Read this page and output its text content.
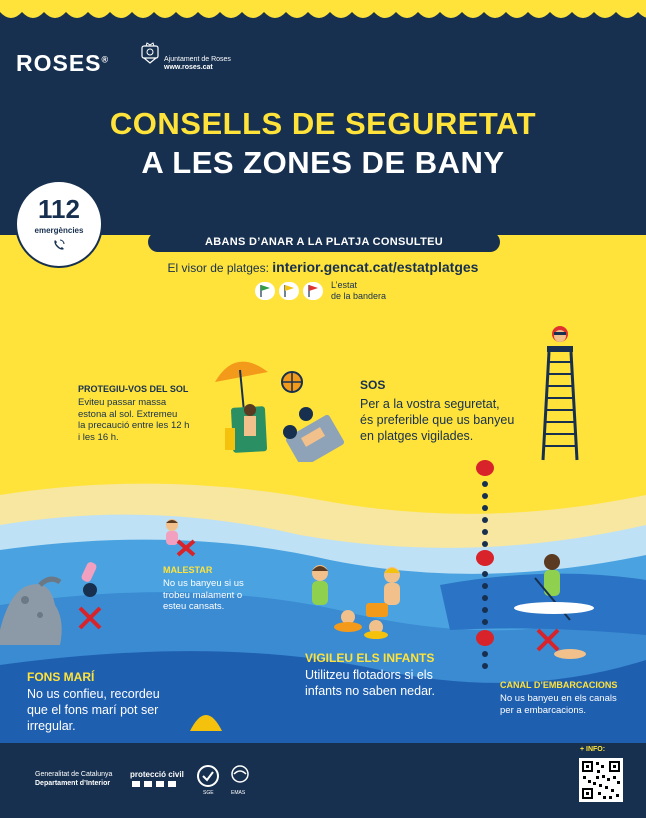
ROSES®	Ajuntament de Roses
www.roses.cat
CONSELLS DE SEGURETAT
A LES ZONES DE BANY
112
emergències
ABANS D’ANAR A LA PLATJA CONSULTEU
El visor de platges: interior.gencat.cat/estatplatges
L’estat
de la bandera
PROTEGIU-VOS DEL SOL
Eviteu passar massa
estona al sol. Extremeu
la precaució entre les 12 h
i les 16 h.
SOS
Per a la vostra seguretat,
és preferible que us banyeu
en platges vigilades.
MALESTAR
No us banyeu si us
trobeu malament o
esteu cansats.
FONS MARÍ
No us confieu, recordeu
que el fons marí pot ser
irregular.
VIGILEU ELS INFANTS
Utilitzeu flotadors si els
infants no saben nedar.	CANAL D’EMBARCACIONS
No us banyeu en els canals
per a embarcacions.
Generalitat de Catalunya
Departament d’Interior
protecció civil
SGE	EMAS
+ INFO:
